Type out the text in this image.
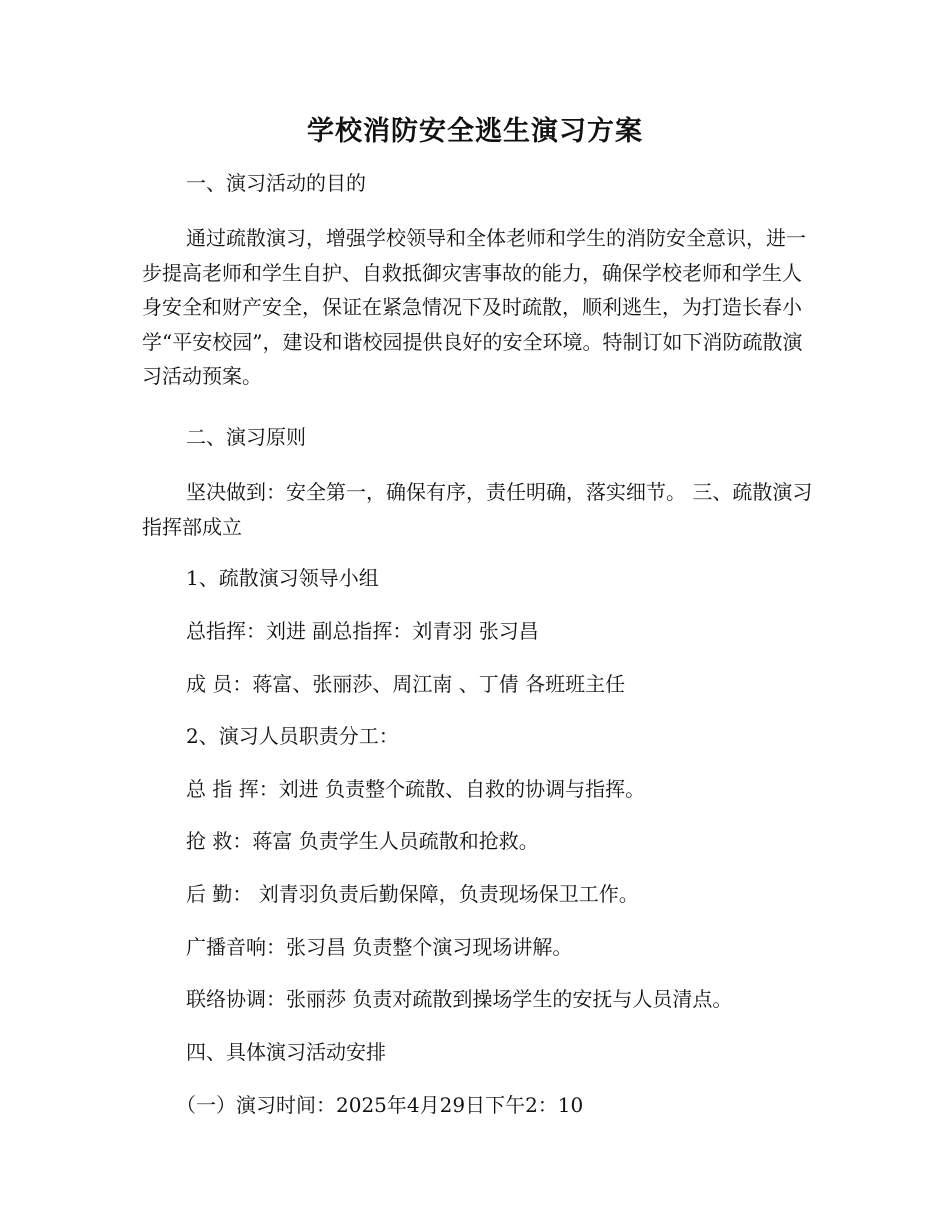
学校消防安全逃生演习方案
一、演习活动的目的

通过疏散演习，增强学校领导和全体老师和学生的消防安全意识，进一步提高老师和学生自护、自救抵御灾害事故的能力，确保学校老师和学生人身安全和财产安全，保证在紧急情况下及时疏散，顺利逃生，为打造长春小学“平安校园”，建设和谐校园提供良好的安全环境。特制订如下消防疏散演习活动预案。

二、演习原则

坚决做到：安全第一，确保有序，责任明确，落实细节。 三、疏散演习指挥部成立

1、疏散演习领导小组
总指挥：刘进 副总指挥：刘青羽 张习昌
成 员：蒋富、张丽莎、周江南 、丁倩 各班班主任
2、演习人员职责分工：
总 指 挥：刘进 负责整个疏散、自救的协调与指挥。
抢 救：蒋富 负责学生人员疏散和抢救。
后 勤： 刘青羽负责后勤保障，负责现场保卫工作。
广播音响：张习昌 负责整个演习现场讲解。
联络协调：张丽莎 负责对疏散到操场学生的安抚与人员清点。
四、具体演习活动安排
（一）演习时间：2025年4月29日下午2：10
